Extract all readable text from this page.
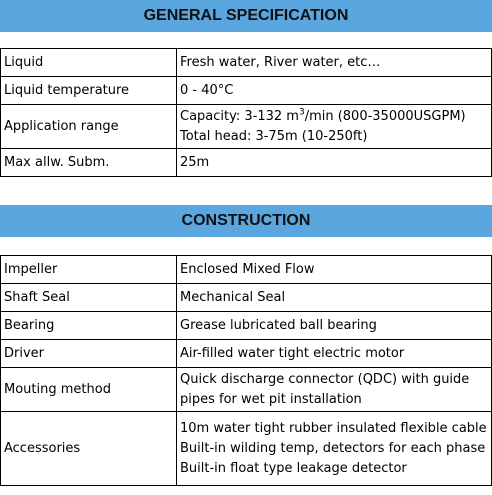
GENERAL SPECIFICATION
Liquid	Fresh water, River water, etc…
Liquid temperature	0 - 40°C
Application range	Capacity: 3-132 $m^3/\min$ (800-35000USGPM)
Total head: 3-75m (10-250ft)

Max allw. Subm.	25m
CONSTRUCTION
Impeller	Enclosed Mixed Flow
Shaft Seal	Mechanical Seal
Bearing	Grease lubricated ball bearing
Driver	Air-filled water tight electric motor
Mouting method	Quick discharge connector (QDC) with guide
pipes for wet pit installation

Accessories	10m water tight rubber insulated flexible cable
Built-in wilding temp, detectors for each phase
Built-in float type leakage detector
